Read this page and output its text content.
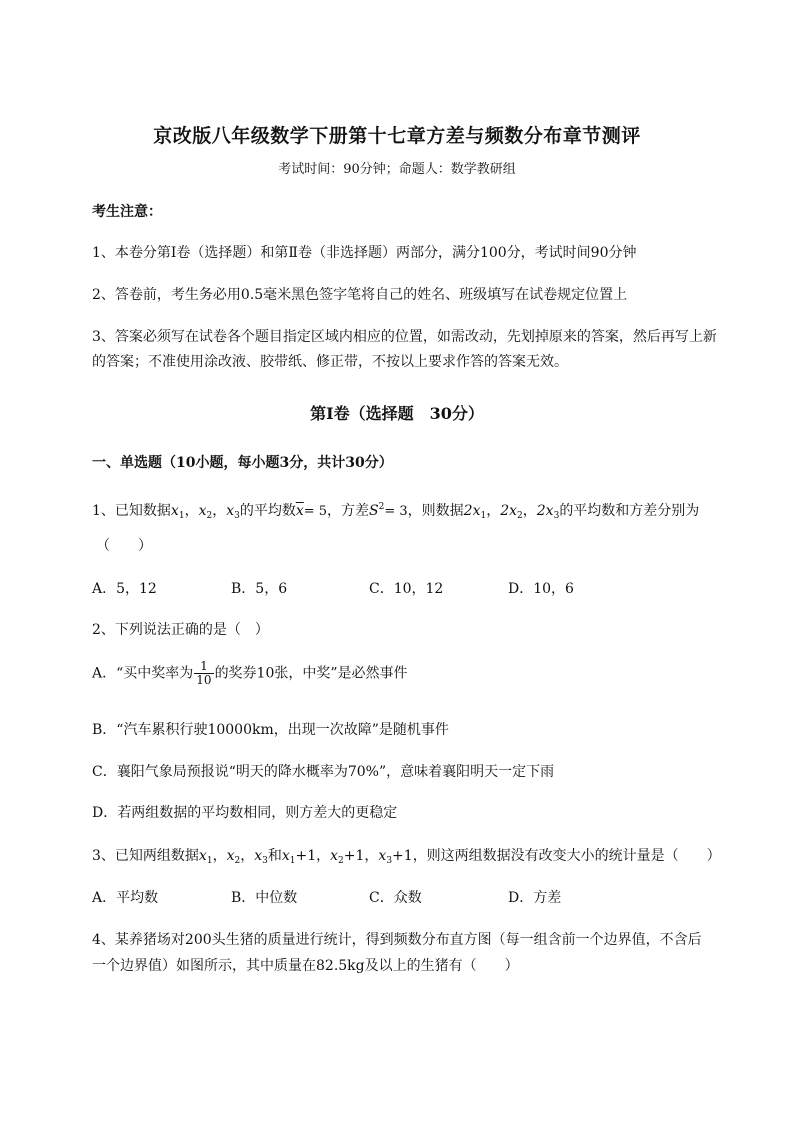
京改版八年级数学下册第十七章方差与频数分布章节测评
考试时间：90分钟；命题人：数学教研组
考生注意：
1、本卷分第I卷（选择题）和第Ⅱ卷（非选择题）两部分，满分100分，考试时间90分钟
2、答卷前，考生务必用0.5毫米黑色签字笔将自己的姓名、班级填写在试卷规定位置上
3、答案必须写在试卷各个题目指定区域内相应的位置，如需改动，先划掉原来的答案，然后再写上新的答案；不准使用涂改液、胶带纸、修正带，不按以上要求作答的答案无效。
第I卷（选择题　30分）
一、单选题（10小题，每小题3分，共计30分）
1、已知数据$x_1$，$x_2$，$x_3$的平均数$\overline{x}= 5$，方差$S^2= 3$，则数据$2x_1$，$2x_2$，$2x_3$的平均数和方差分别为
（　　）
A．5，12	B．5，6	C．10，12	D．10，6
2、下列说法正确的是（　）
A．“买中奖率为 $\frac{1}{10}$ 的奖券10张，中奖”是必然事件
B．“汽车累积行驶10000km，出现一次故障”是随机事件
C．襄阳气象局预报说“明天的降水概率为70%”，意味着襄阳明天一定下雨
D．若两组数据的平均数相同，则方差大的更稳定
3、已知两组数据$x_1$，$x_2$，$x_3$和$x_1+1$，$x_2+1$，$x_3+1$，则这两组数据没有改变大小的统计量是（　　）
A．平均数	B．中位数	C．众数	D．方差
4、某养猪场对200头生猪的质量进行统计，得到频数分布直方图（每一组含前一个边界值，不含后
一个边界值）如图所示，其中质量在82.5kg及以上的生猪有（　　）
